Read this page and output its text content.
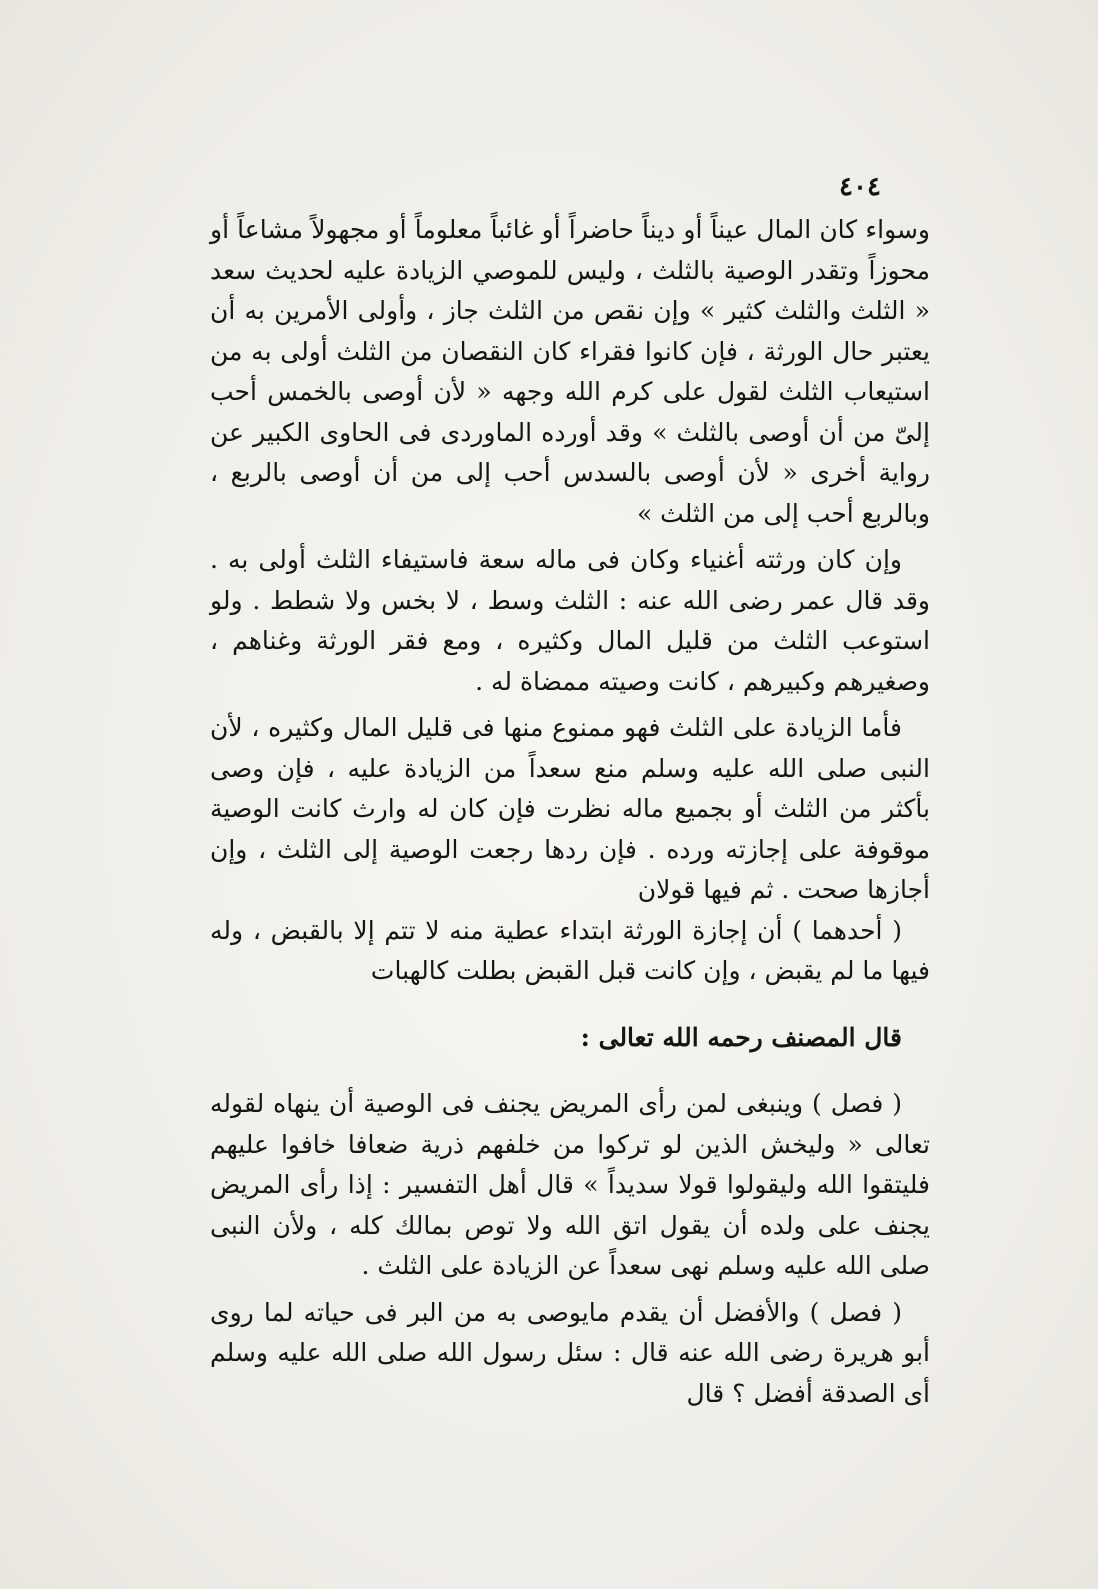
٤٠٤

وسواء كان المال عيناً أو ديناً حاضراً أو غائباً معلوماً أو مجهولاً مشاعاً أو محوزاً وتقدر الوصية بالثلث ، وليس للموصي الزيادة عليه لحديث سعد « الثلث والثلث كثير » وإن نقص من الثلث جاز ، وأولى الأمرين به أن يعتبر حال الورثة ، فإن كانوا فقراء كان النقصان من الثلث أولى به من استيعاب الثلث لقول على كرم الله وجهه « لأن أوصى بالخمس أحب إلىّ من أن أوصى بالثلث » وقد أورده الماوردى فى الحاوى الكبير عن رواية أخرى « لأن أوصى بالسدس أحب إلى من أن أوصى بالربع ، وبالربع أحب إلى من الثلث »

وإن كان ورثته أغنياء وكان فى ماله سعة فاستيفاء الثلث أولى به . وقد قال عمر رضى الله عنه : الثلث وسط ، لا بخس ولا شطط . ولو استوعب الثلث من قليل المال وكثيره ، ومع فقر الورثة وغناهم ، وصغيرهم وكبيرهم ، كانت وصيته ممضاة له .

فأما الزيادة على الثلث فهو ممنوع منها فى قليل المال وكثيره ، لأن النبى صلى الله عليه وسلم منع سعداً من الزيادة عليه ، فإن وصى بأكثر من الثلث أو بجميع ماله نظرت فإن كان له وارث كانت الوصية موقوفة على إجازته ورده . فإن ردها رجعت الوصية إلى الثلث ، وإن أجازها صحت . ثم فيها قولان

( أحدهما ) أن إجازة الورثة ابتداء عطية منه لا تتم إلا بالقبض ، وله فيها ما لم يقبض ، وإن كانت قبل القبض بطلت كالهبات

قال المصنف رحمه الله تعالى :

( فصل ) وينبغى لمن رأى المريض يجنف فى الوصية أن ينهاه لقوله تعالى « وليخش الذين لو تركوا من خلفهم ذرية ضعافا خافوا عليهم فليتقوا الله وليقولوا قولا سديداً » قال أهل التفسير : إذا رأى المريض يجنف على ولده أن يقول اتق الله ولا توص بمالك كله ، ولأن النبى صلى الله عليه وسلم نهى سعداً عن الزيادة على الثلث .

( فصل ) والأفضل أن يقدم مايوصى به من البر فى حياته لما روى أبو هريرة رضى الله عنه قال : سئل رسول الله صلى الله عليه وسلم أى الصدقة أفضل ؟ قال
